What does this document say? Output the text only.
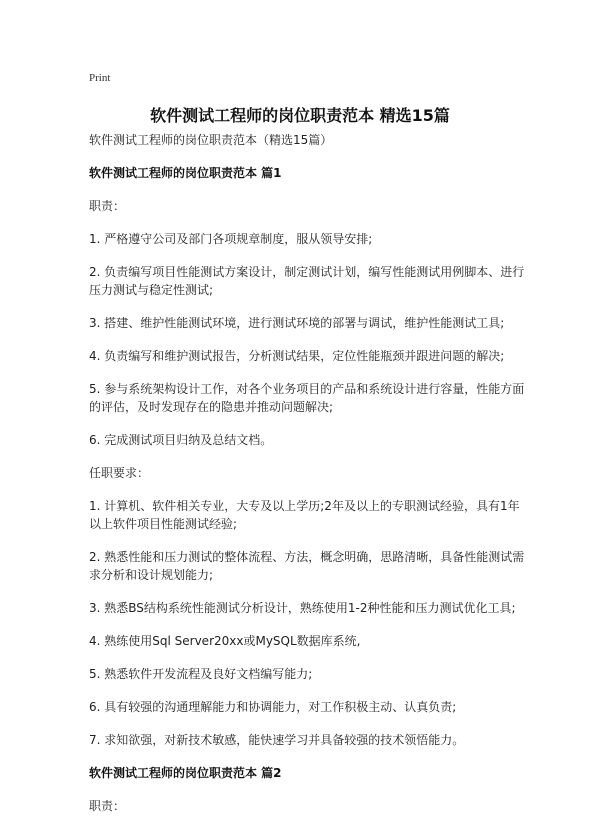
Print
软件测试工程师的岗位职责范本 精选15篇

软件测试工程师的岗位职责范本（精选15篇）

软件测试工程师的岗位职责范本 篇1

职责：

1. 严格遵守公司及部门各项规章制度，服从领导安排;

2. 负责编写项目性能测试方案设计，制定测试计划，编写性能测试用例脚本、进行压力测试与稳定性测试;

3. 搭建、维护性能测试环境，进行测试环境的部署与调试，维护性能测试工具;

4. 负责编写和维护测试报告，分析测试结果，定位性能瓶颈并跟进问题的解决;

5. 参与系统架构设计工作，对各个业务项目的产品和系统设计进行容量，性能方面的评估，及时发现存在的隐患并推动问题解决;

6. 完成测试项目归纳及总结文档。

任职要求：

1. 计算机、软件相关专业，大专及以上学历;2年及以上的专职测试经验，具有1年以上软件项目性能测试经验;

2. 熟悉性能和压力测试的整体流程、方法，概念明确，思路清晰，具备性能测试需求分析和设计规划能力;

3. 熟悉BS结构系统性能测试分析设计，熟练使用1-2种性能和压力测试优化工具;

4. 熟练使用Sql Server20xx或MySQL数据库系统,

5. 熟悉软件开发流程及良好文档编写能力;

6. 具有较强的沟通理解能力和协调能力，对工作积极主动、认真负责;

7. 求知欲强，对新技术敏感，能快速学习并具备较强的技术领悟能力。

软件测试工程师的岗位职责范本 篇2

职责：
